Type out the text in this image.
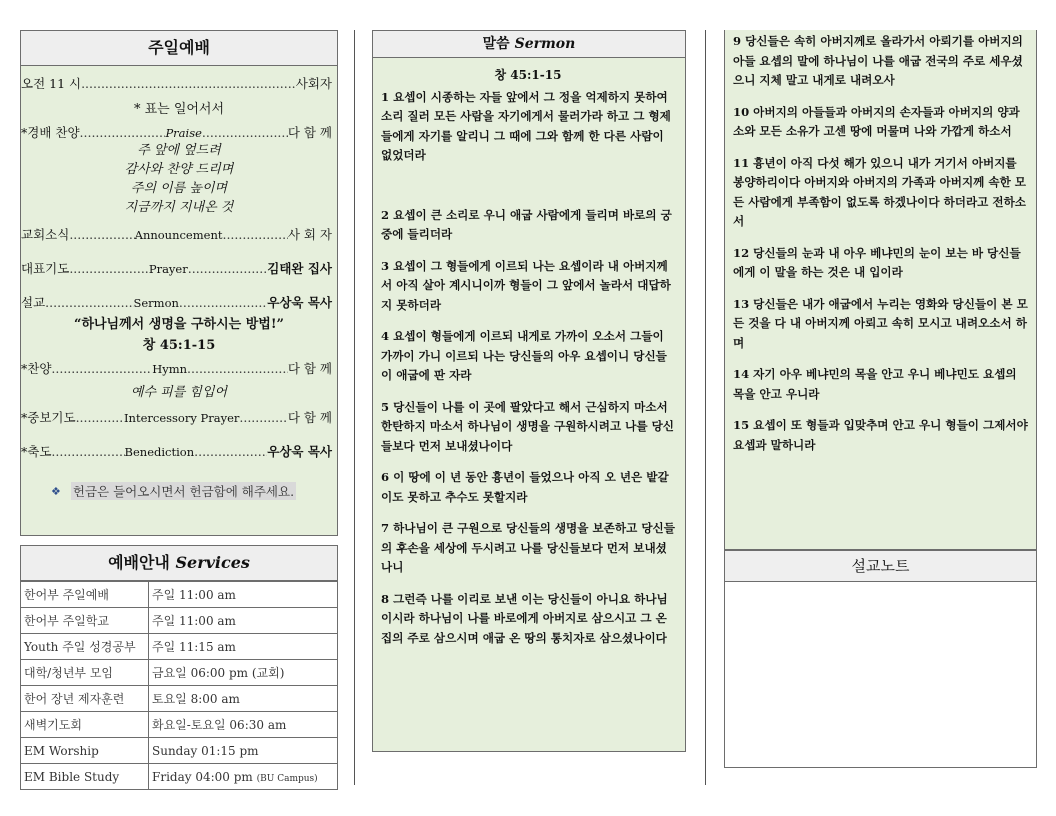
주일예배
오전 11 시 .....	사회자
* 표는 일어서서
*경배 찬양 .....	Praise .....	다 함 께
주 앞에 엎드려
감사와 찬양 드리며
주의 이름 높이며
지금까지 지내온 것
교회소식 .....	Announcement .....	사 회 자
대표기도 .....	Prayer .....	김태완 집사
설교 .....	Sermon .....	우상욱 목사
“하나님께서 생명을 구하시는 방법!”
창 45:1-15
*찬양 .....	Hymn .....	다 함 께
예수 피를 힘입어
*중보기도 .....	Intercessory Prayer .....	다 함 께
*축도 .....	Benediction .....	우상욱 목사
❖ 헌금은 들어오시면서 헌금함에 해주세요.
예배안내 Services
한어부 주일예배	주일 11:00 am
한어부 주일학교	주일 11:00 am
Youth 주일 성경공부	주일 11:15 am
대학/청년부 모임	금요일 06:00 pm (교회)
한어 장년 제자훈련	토요일 8:00 am
새벽기도회	화요일-토요일 06:30 am
EM Worship	Sunday 01:15 pm
EM Bible Study	Friday 04:00 pm (BU Campus)
말씀 Sermon
창 45:1-15

1 요셉이 시종하는 자들 앞에서 그 정을 억제하지 못하여 소리 질러 모든 사람을 자기에게서 물러가라 하고 그 형제들에게 자기를 알리니 그 때에 그와 함께 한 다른 사람이 없었더라

2 요셉이 큰 소리로 우니 애굽 사람에게 들리며 바로의 궁중에 들리더라

3 요셉이 그 형들에게 이르되 나는 요셉이라 내 아버지께서 아직 살아 계시니이까 형들이 그 앞에서 놀라서 대답하지 못하더라

4 요셉이 형들에게 이르되 내게로 가까이 오소서 그들이 가까이 가니 이르되 나는 당신들의 아우 요셉이니 당신들이 애굽에 판 자라

5 당신들이 나를 이 곳에 팔았다고 해서 근심하지 마소서 한탄하지 마소서 하나님이 생명을 구원하시려고 나를 당신들보다 먼저 보내셨나이다

6 이 땅에 이 년 동안 흉년이 들었으나 아직 오 년은 밭갈이도 못하고 추수도 못할지라

7 하나님이 큰 구원으로 당신들의 생명을 보존하고 당신들의 후손을 세상에 두시려고 나를 당신들보다 먼저 보내셨나니

8 그런즉 나를 이리로 보낸 이는 당신들이 아니요 하나님이시라 하나님이 나를 바로에게 아버지로 삼으시고 그 온 집의 주로 삼으시며 애굽 온 땅의 통치자로 삼으셨나이다

9 당신들은 속히 아버지께로 올라가서 아뢰기를 아버지의 아들 요셉의 말에 하나님이 나를 애굽 전국의 주로 세우셨으니 지체 말고 내게로 내려오사

10 아버지의 아들들과 아버지의 손자들과 아버지의 양과 소와 모든 소유가 고센 땅에 머물며 나와 가깝게 하소서

11 흉년이 아직 다섯 해가 있으니 내가 거기서 아버지를 봉양하리이다 아버지와 아버지의 가족과 아버지께 속한 모든 사람에게 부족함이 없도록 하겠나이다 하더라고 전하소서

12 당신들의 눈과 내 아우 베냐민의 눈이 보는 바 당신들에게 이 말을 하는 것은 내 입이라

13 당신들은 내가 애굽에서 누리는 영화와 당신들이 본 모든 것을 다 내 아버지께 아뢰고 속히 모시고 내려오소서 하며

14 자기 아우 베냐민의 목을 안고 우니 베냐민도 요셉의 목을 안고 우니라

15 요셉이 또 형들과 입맞추며 안고 우니 형들이 그제서야 요셉과 말하니라

설교노트
